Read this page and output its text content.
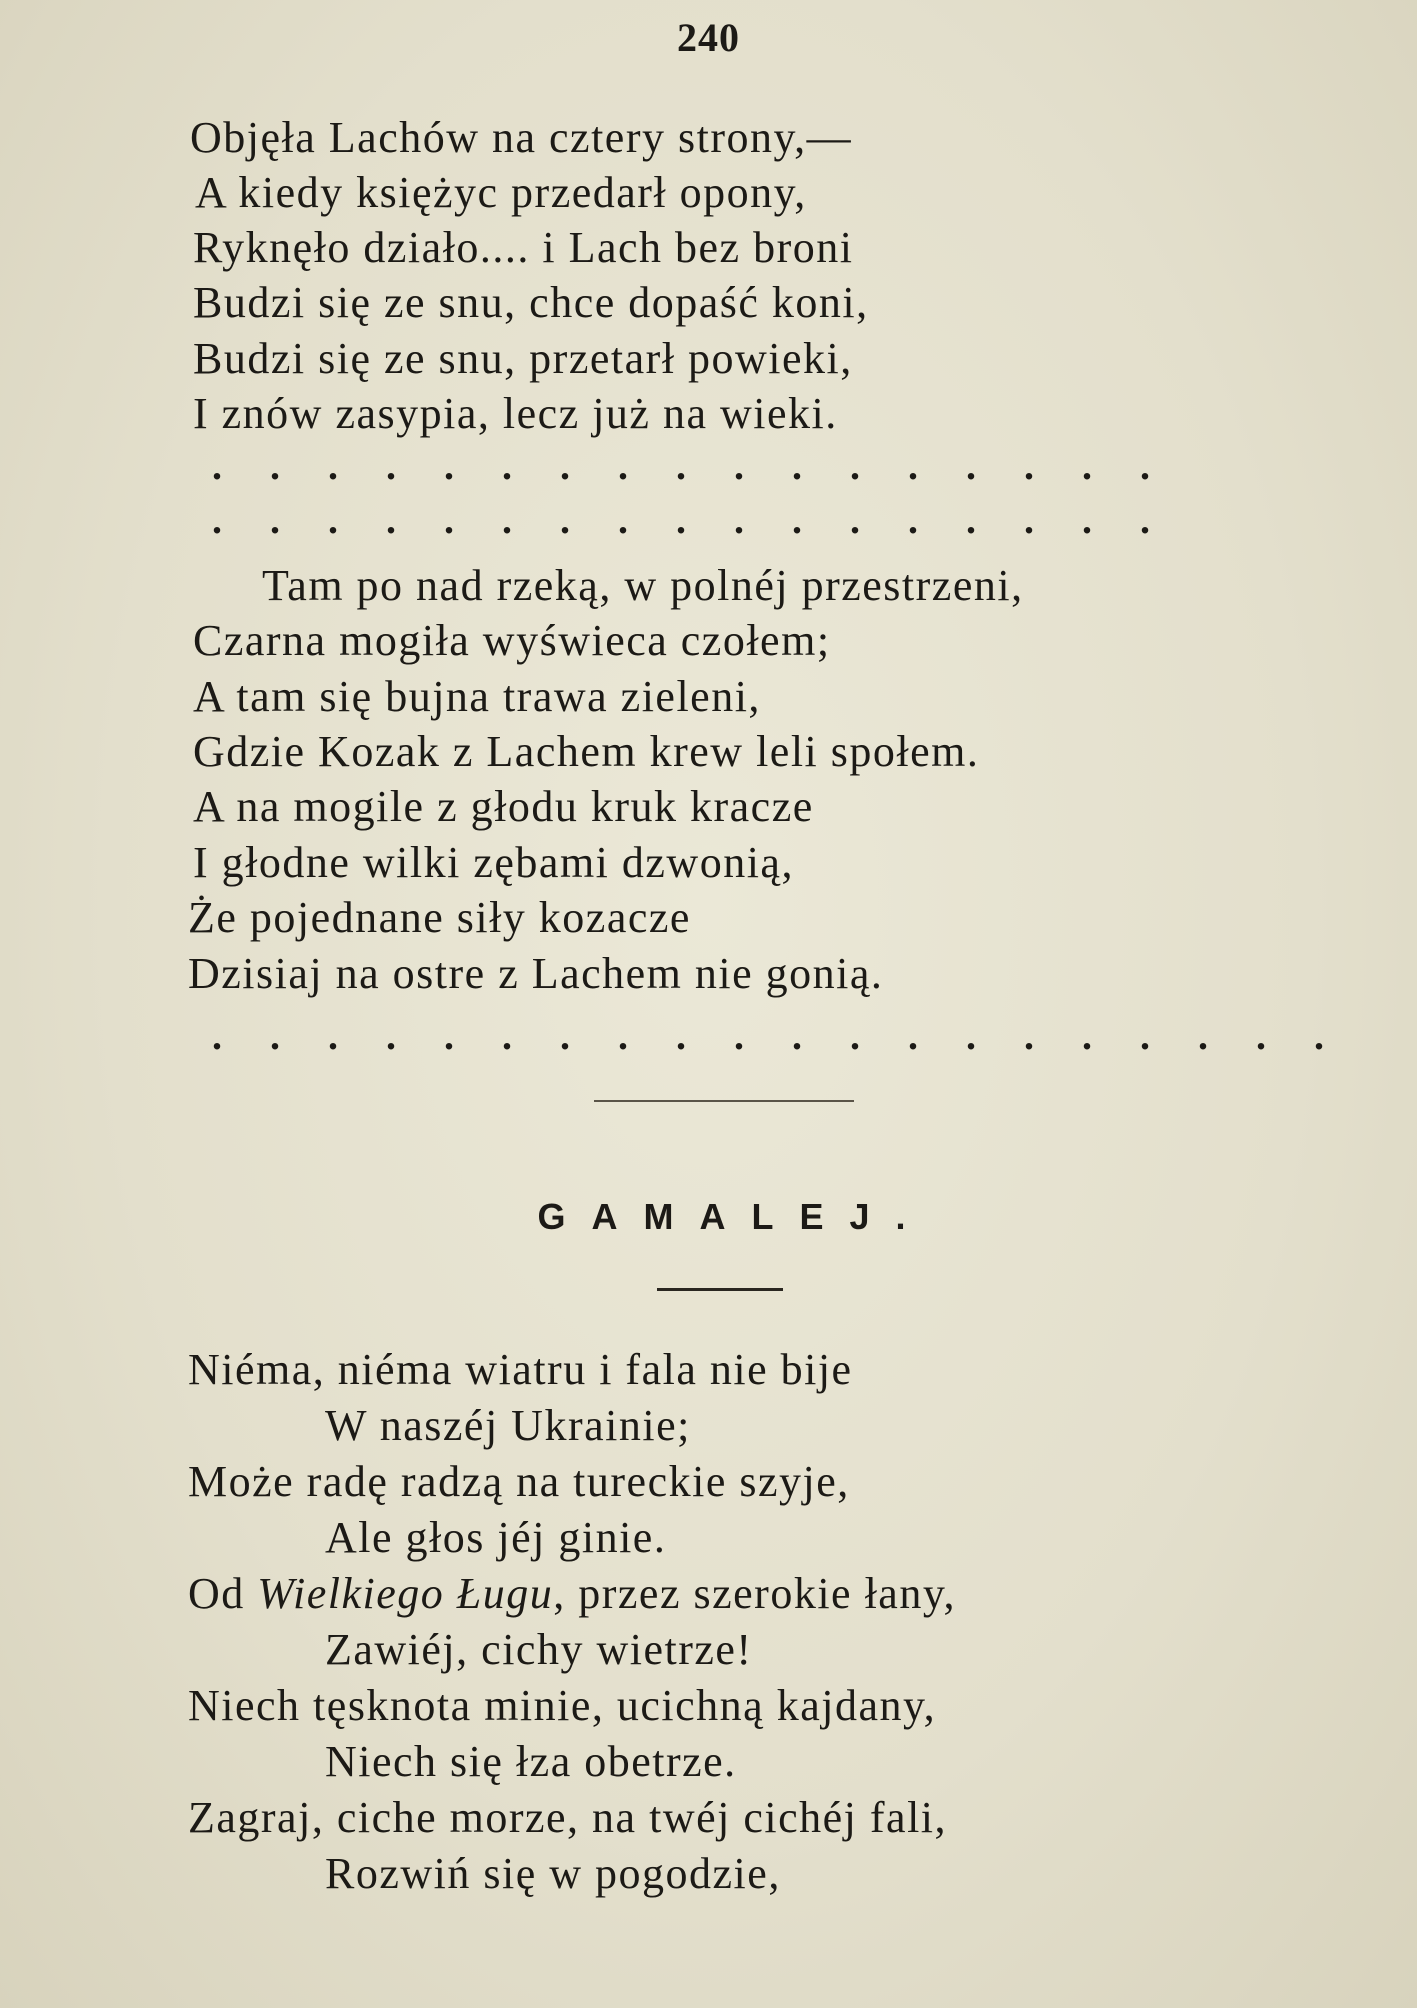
240
Objęła Lachów na cztery strony,—
A kiedy księżyc przedarł opony,
Ryknęło działo.... i Lach bez broni
Budzi się ze snu, chce dopaść koni,
Budzi się ze snu, przetarł powieki,
I znów zasypia, lecz już na wieki.
. . . . . . . . . . . . . . . . .
. . . . . . . . . . . . . . . . .
Tam po nad rzeką, w polnéj przestrzeni,
Czarna mogiła wyświeca czołem;
A tam się bujna trawa zieleni,
Gdzie Kozak z Lachem krew leli społem.
A na mogile z głodu kruk kracze
I głodne wilki zębami dzwonią,
Że pojednane siły kozacze
Dzisiaj na ostre z Lachem nie gonią.
. . . . . . . . . . . . . . . . . . . .
GAMALEJ.
Niéma, niéma wiatru i fala nie bije
W naszéj Ukrainie;
Może radę radzą na tureckie szyje,
Ale głos jéj ginie.
Od Wielkiego Ługu, przez szerokie łany,
Zawiéj, cichy wietrze!
Niech tęsknota minie, ucichną kajdany,
Niech się łza obetrze.
Zagraj, ciche morze, na twéj cichéj fali,
Rozwiń się w pogodzie,
